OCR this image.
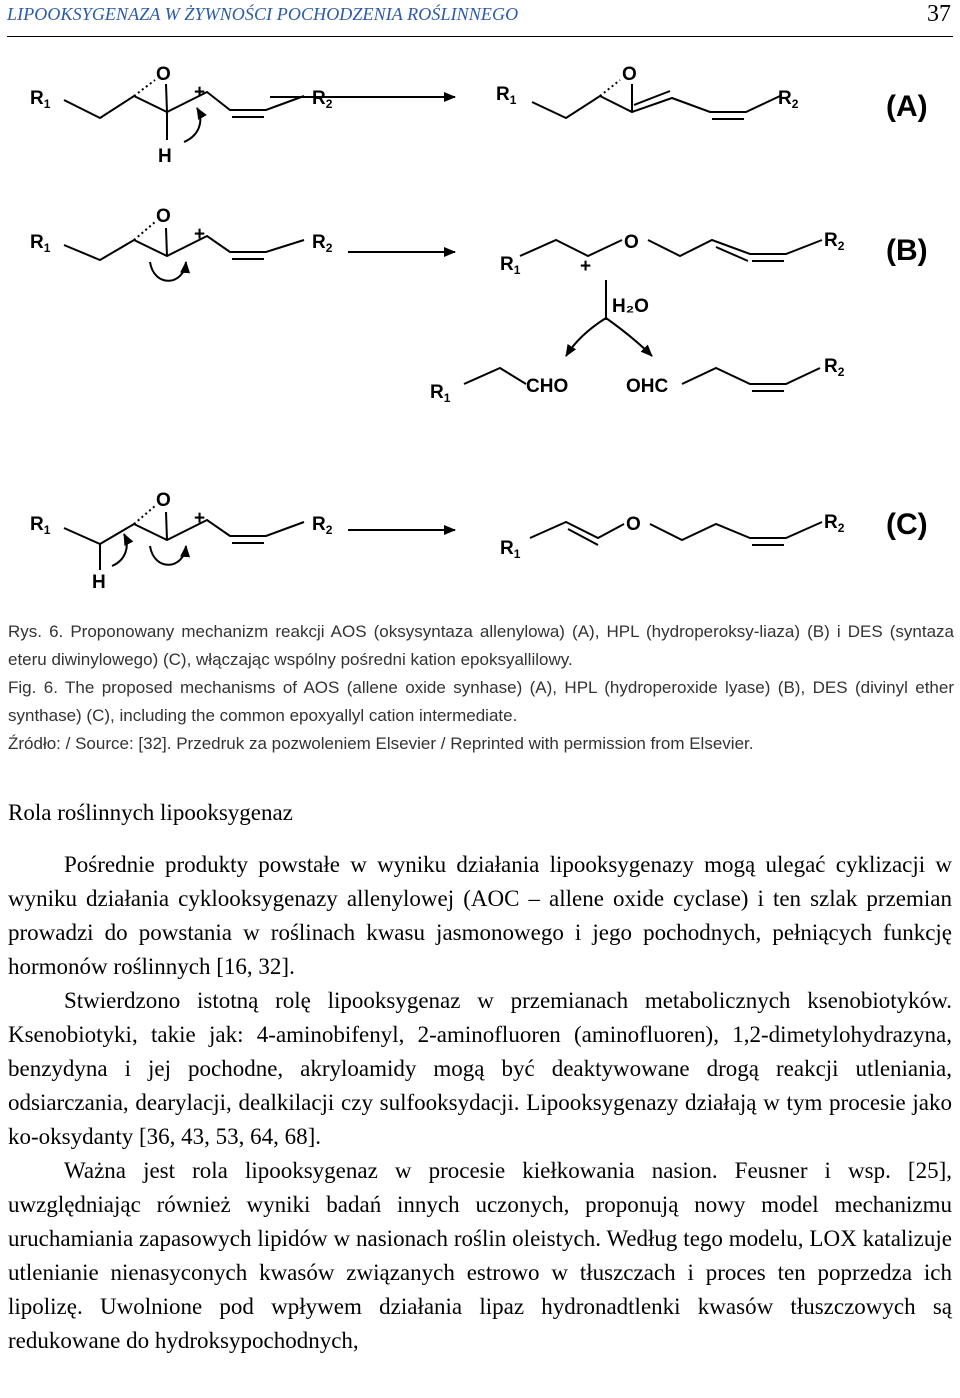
LIPOOKSYGENAZA W ŻYWNOŚCI POCHODZENIA ROŚLINNEGO	37
$R_1$
O
+
H
$R_2$	$R_1$
O
$R_2$	(A)
$R_1$
O
+	$R_2$
$R_1$	+
O	$R_2$
H₂O
$R_1$
CHO	OHC
$R_2$
(B)
$R_1$
O
+
H
$R_2$
$R_1$
O	$R_2$ (C)

Rys. 6. Proponowany mechanizm reakcji AOS (oksysyntaza allenylowa) (A), HPL (hydroperoksy-liaza) (B) i DES (syntaza eteru diwinylowego) (C), włączając wspólny pośredni kation epoksyallilowy.

Fig. 6. The proposed mechanisms of AOS (allene oxide synhase) (A), HPL (hydroperoxide lyase) (B), DES (divinyl ether synthase) (C), including the common epoxyallyl cation intermediate.

Źródło: / Source: [32]. Przedruk za pozwoleniem Elsevier / Reprinted with permission from Elsevier.

Rola roślinnych lipooksygenaz

Pośrednie produkty powstałe w wyniku działania lipooksygenazy mogą ulegać cyklizacji w wyniku działania cyklooksygenazy allenylowej (AOC – allene oxide cyclase) i ten szlak przemian prowadzi do powstania w roślinach kwasu jasmonowego i jego pochodnych, pełniących funkcję hormonów roślinnych [16, 32].

Stwierdzono istotną rolę lipooksygenaz w przemianach metabolicznych ksenobiotyków. Ksenobiotyki, takie jak: 4-aminobifenyl, 2-aminofluoren (aminofluoren), 1,2-dimetylohydrazyna, benzydyna i jej pochodne, akryloamidy mogą być deaktywowane drogą reakcji utleniania, odsiarczania, dearylacji, dealkilacji czy sulfooksydacji. Lipooksygenazy działają w tym procesie jako ko-oksydanty [36, 43, 53, 64, 68].

Ważna jest rola lipooksygenaz w procesie kiełkowania nasion. Feusner i wsp. [25], uwzględniając również wyniki badań innych uczonych, proponują nowy model mechanizmu uruchamiania zapasowych lipidów w nasionach roślin oleistych. Według tego modelu, LOX katalizuje utlenianie nienasyconych kwasów związanych estrowo w tłuszczach i proces ten poprzedza ich lipolizę. Uwolnione pod wpływem działania lipaz hydronadtlenki kwasów tłuszczowych są redukowane do hydroksypochodnych,
